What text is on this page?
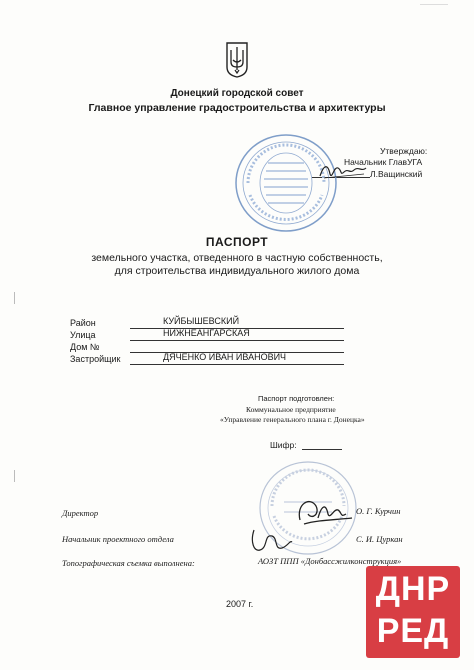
Донецкий городской совет
Главное управление градостроительства и архитектуры
Утверждаю:
Начальник ГлавУГА
Л.Ващинский
ПАСПОРТ
земельного участка, отведенного в частную собственность,
для строительства индивидуального жилого дома
Район	КУЙБЫШЕВСКИЙ
Улица	НИЖНЕАНГАРСКАЯ
Дом №
Застройщик	ДЯЧЕНКО ИВАН ИВАНОВИЧ
Паспорт подготовлен:
Коммунальное предприятие
«Управление генерального плана г. Донецка»
Шифр:
Директор	О. Г. Курчин
Начальник проектного отдела	С. И. Цуркан
Топографическая съемка выполнена:	АОЗТ ППП «Донбассжилконструкция»
2007 г.	ДНР
РЕД
